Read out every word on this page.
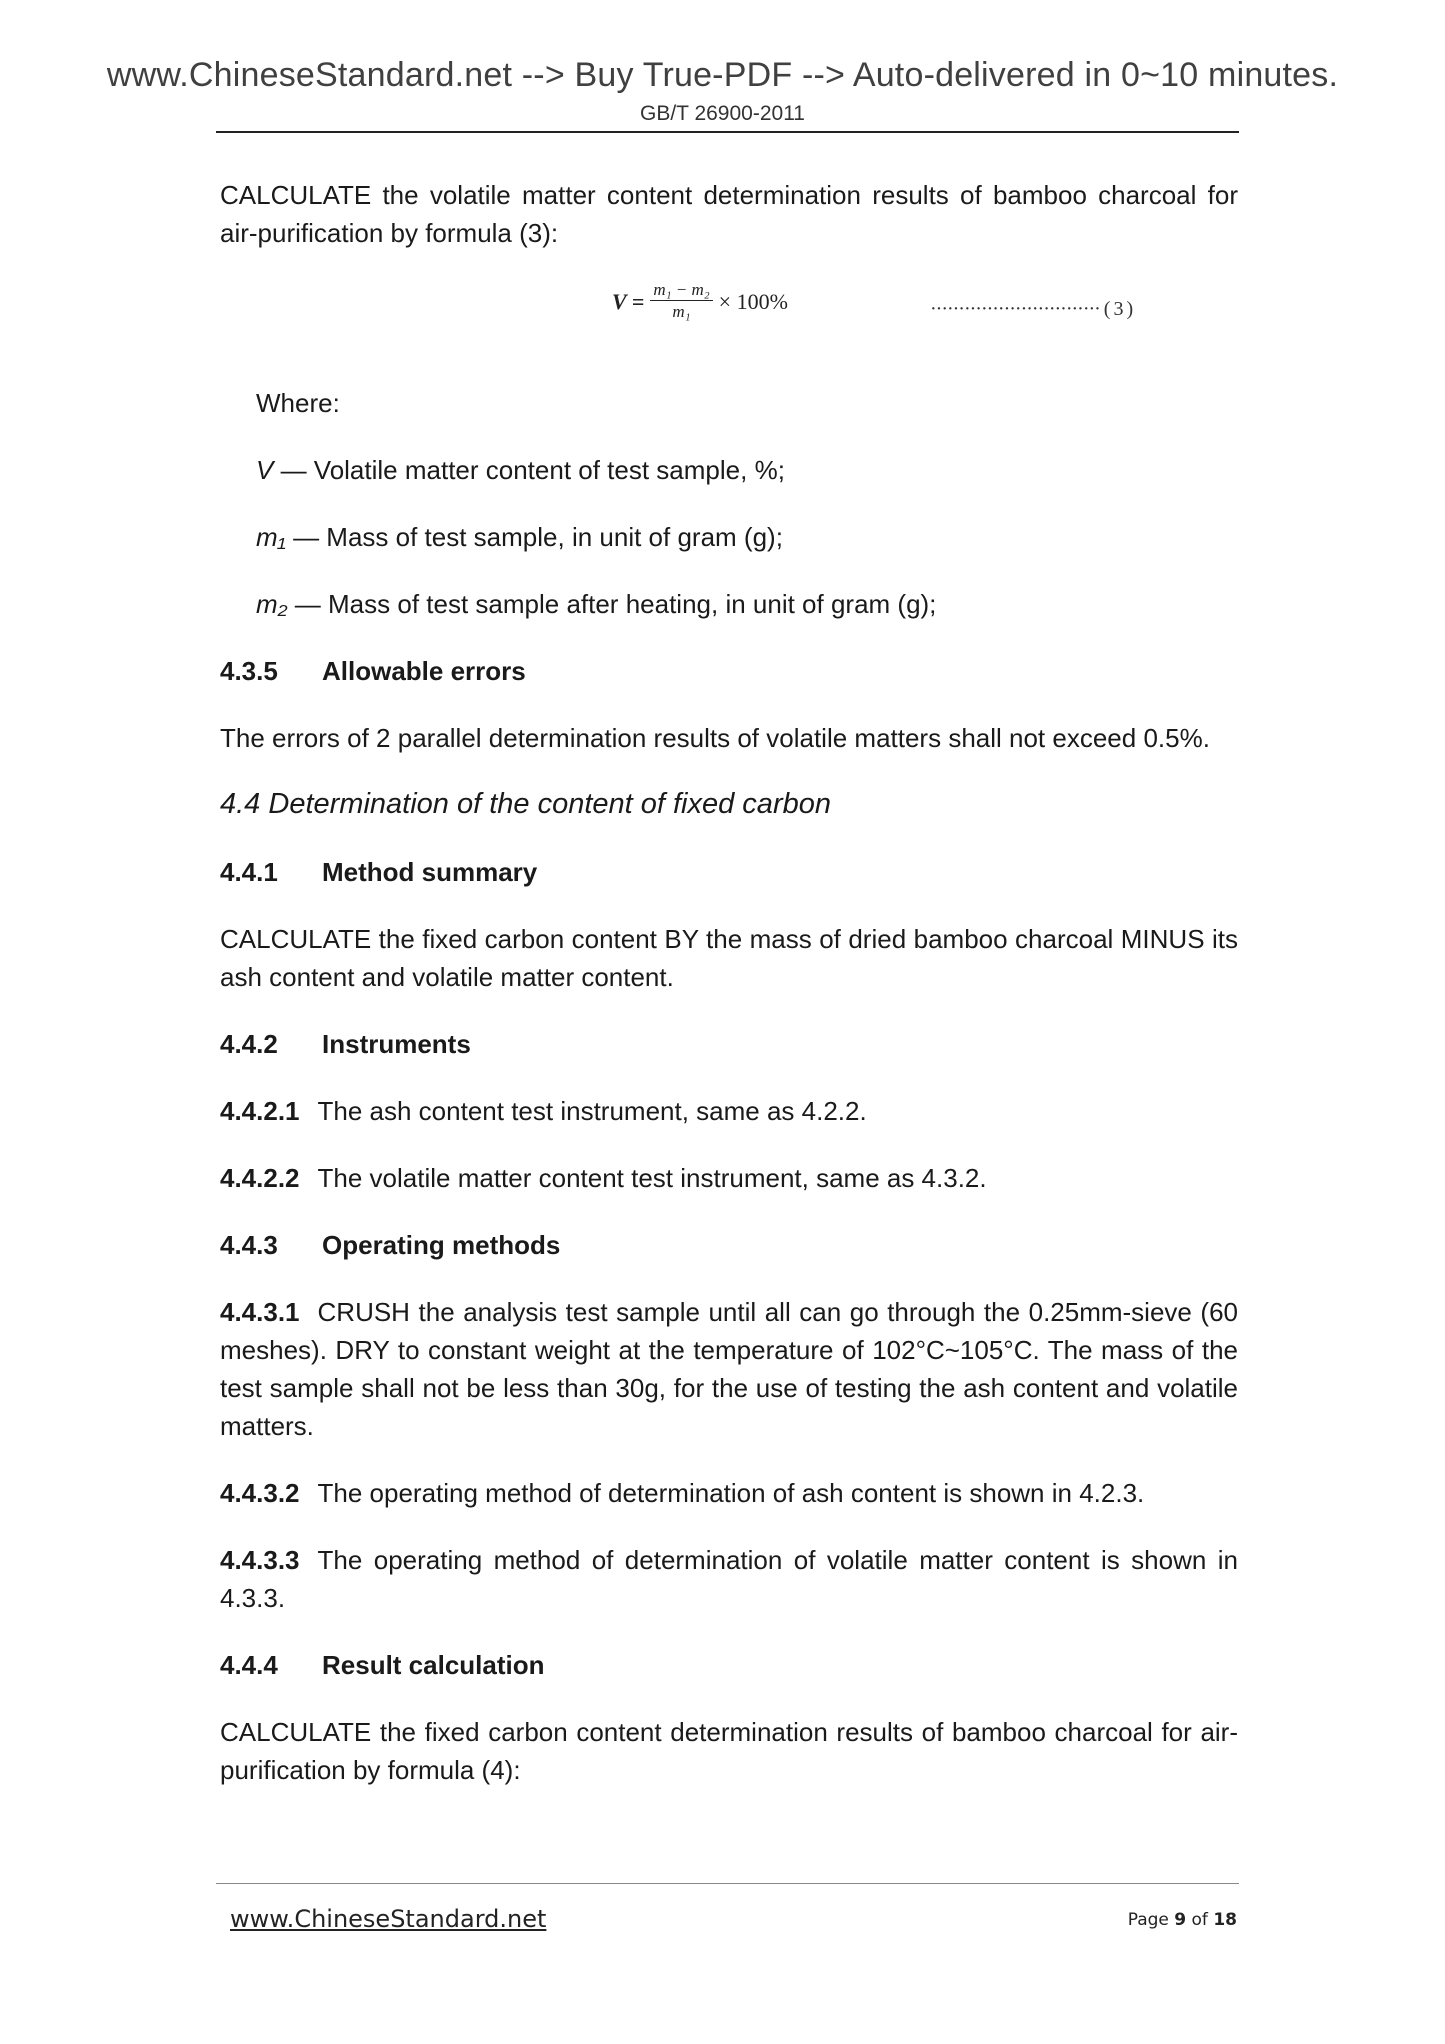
www.ChineseStandard.net --> Buy True-PDF --> Auto-delivered in 0~10 minutes.
GB/T 26900-2011

CALCULATE the volatile matter content determination results of bamboo charcoal for air-purification by formula (3):

$V = \frac{\text{m₁ − m₂}}{\text{m₁}} \times 100\%$	······························ ( 3 )
Where:
V — Volatile matter content of test sample, %;
m₁ — Mass of test sample, in unit of gram (g);
m₂ — Mass of test sample after heating, in unit of gram (g);
4.3.5	Allowable errors

The errors of 2 parallel determination results of volatile matters shall not exceed 0.5%.

4.4 Determination of the content of fixed carbon
4.4.1	Method summary

CALCULATE the fixed carbon content BY the mass of dried bamboo charcoal MINUS its ash content and volatile matter content.

4.4.2	Instruments

4.4.2.1 The ash content test instrument, same as 4.2.2.

4.4.2.2 The volatile matter content test instrument, same as 4.3.2.

4.4.3	Operating methods

4.4.3.1 CRUSH the analysis test sample until all can go through the 0.25mm-sieve (60 meshes). DRY to constant weight at the temperature of 102°C~105°C. The mass of the test sample shall not be less than 30g, for the use of testing the ash content and volatile matters.

4.4.3.2 The operating method of determination of ash content is shown in 4.2.3.

4.4.3.3 The operating method of determination of volatile matter content is shown in 4.3.3.

4.4.4	Result calculation

CALCULATE the fixed carbon content determination results of bamboo charcoal for air-purification by formula (4):

www.ChineseStandard.net	Page 9 of 18
